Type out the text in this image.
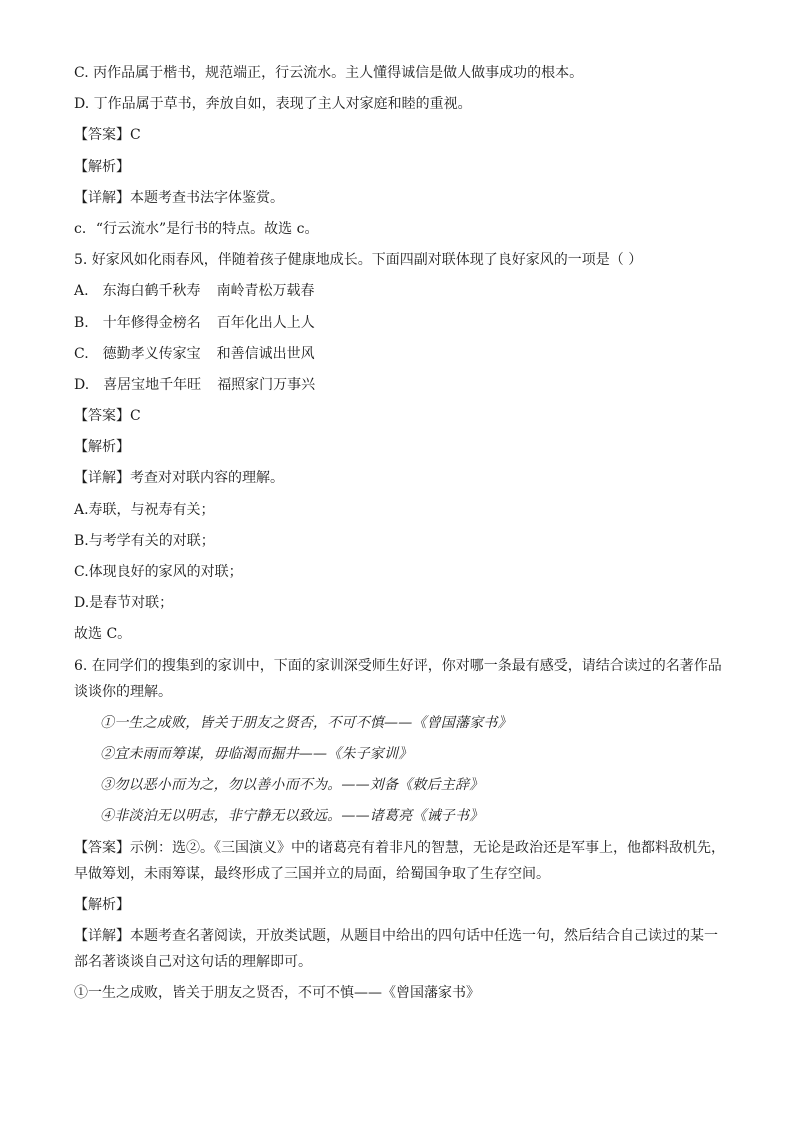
C. 丙作品属于楷书，规范端正，行云流水。主人懂得诚信是做人做事成功的根本。
D. 丁作品属于草书，奔放自如，表现了主人对家庭和睦的重视。
【答案】C
【解析】
【详解】本题考查书法字体鉴赏。
c．“行云流水”是行书的特点。故选 c。
5. 好家风如化雨春风，伴随着孩子健康地成长。下面四副对联体现了良好家风的一项是（ ）
A. 东海白鹤千秋寿 南岭青松万载春
B. 十年修得金榜名 百年化出人上人
C. 德勤孝义传家宝 和善信诚出世风
D. 喜居宝地千年旺 福照家门万事兴
【答案】C
【解析】
【详解】考查对对联内容的理解。
A.寿联，与祝寿有关；
B.与考学有关的对联；
C.体现良好的家风的对联；
D.是春节对联；
故选 C。
6. 在同学们的搜集到的家训中，下面的家训深受师生好评，你对哪一条最有感受，请结合读过的名著作品
谈谈你的理解。
①一生之成败，皆关于朋友之贤否，不可不慎——《曾国藩家书》
②宜未雨而筹谋，毋临渴而掘井——《朱子家训》
③勿以恶小而为之，勿以善小而不为。——刘备《敕后主辞》
④非淡泊无以明志，非宁静无以致远。——诸葛亮《诫子书》
【答案】示例：选②。《三国演义》中的诸葛亮有着非凡的智慧，无论是政治还是军事上，他都料敌机先，
早做筹划，未雨筹谋，最终形成了三国并立的局面，给蜀国争取了生存空间。
【解析】
【详解】本题考查名著阅读，开放类试题，从题目中给出的四句话中任选一句，然后结合自己读过的某一
部名著谈谈自己对这句话的理解即可。
①一生之成败，皆关于朋友之贤否，不可不慎——《曾国藩家书》
